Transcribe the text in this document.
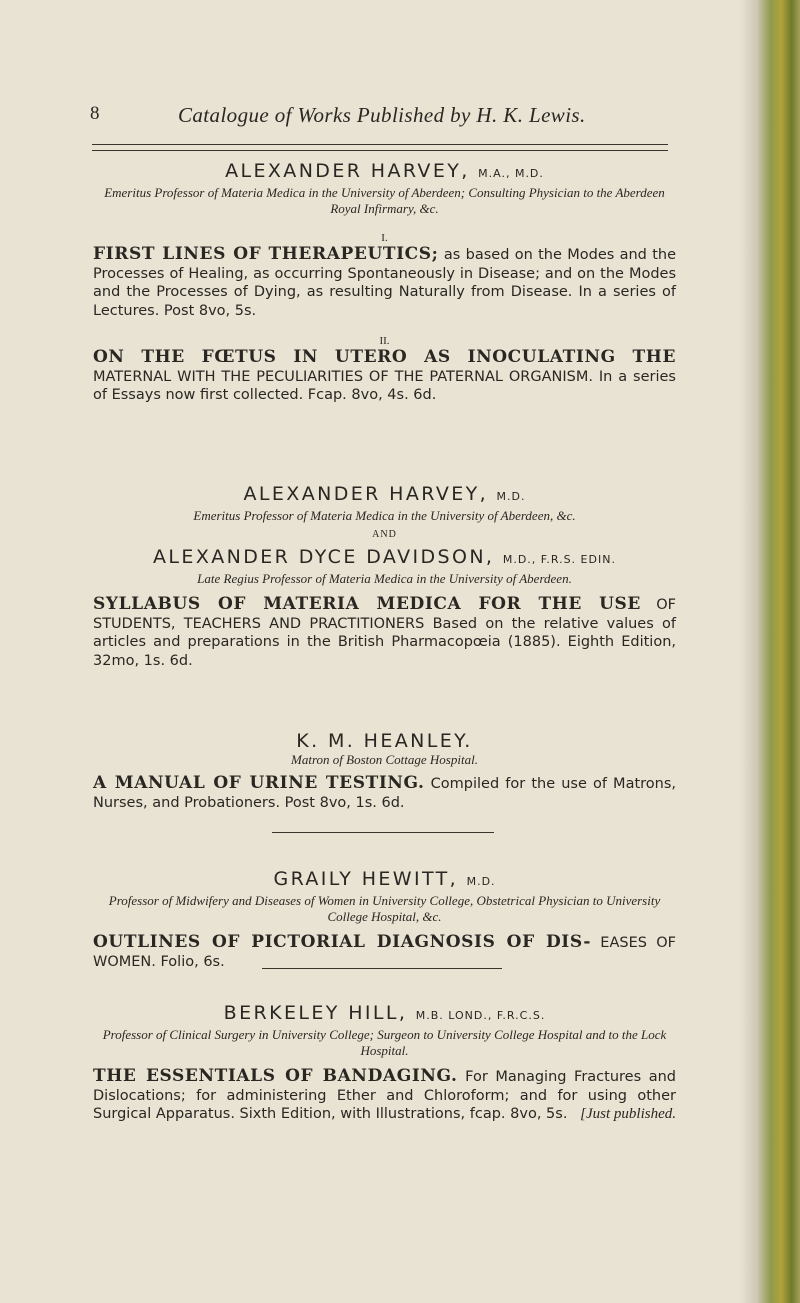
8	Catalogue of Works Published by H. K. Lewis.
ALEXANDER HARVEY, M.A., M.D.
Emeritus Professor of Materia Medica in the University of Aberdeen; Consulting Physician to the Aberdeen Royal Infirmary, &c.
I.
FIRST LINES OF THERAPEUTICS; as based on the Modes and the Processes of Healing, as occurring Spontaneously in Disease; and on the Modes and the Processes of Dying, as resulting Naturally from Disease. In a series of Lectures. Post 8vo, 5s.
II.
ON THE FŒTUS IN UTERO AS INOCULATING THE MATERNAL WITH THE PECULIARITIES OF THE PATERNAL ORGANISM. In a series of Essays now first collected. Fcap. 8vo, 4s. 6d.
ALEXANDER HARVEY, M.D.
Emeritus Professor of Materia Medica in the University of Aberdeen, &c.
AND
ALEXANDER DYCE DAVIDSON, M.D., F.R.S. EDIN.
Late Regius Professor of Materia Medica in the University of Aberdeen.
SYLLABUS OF MATERIA MEDICA FOR THE USE OF STUDENTS, TEACHERS AND PRACTITIONERS Based on the relative values of articles and preparations in the British Pharmacopœia (1885). Eighth Edition, 32mo, 1s. 6d.
K. M. HEANLEY.
Matron of Boston Cottage Hospital.
A MANUAL OF URINE TESTING. Compiled for the use of Matrons, Nurses, and Probationers. Post 8vo, 1s. 6d.
GRAILY HEWITT, M.D.
Professor of Midwifery and Diseases of Women in University College, Obstetrical Physician to University College Hospital, &c.
OUTLINES OF PICTORIAL DIAGNOSIS OF DIS- EASES OF WOMEN. Folio, 6s.
BERKELEY HILL, M.B. LOND., F.R.C.S.
Professor of Clinical Surgery in University College; Surgeon to University College Hospital and to the Lock Hospital.
THE ESSENTIALS OF BANDAGING. For Managing Fractures and Dislocations; for administering Ether and Chloroform; and for using other Surgical Apparatus. Sixth Edition, with Illustrations, fcap. 8vo, 5s. [Just published.
